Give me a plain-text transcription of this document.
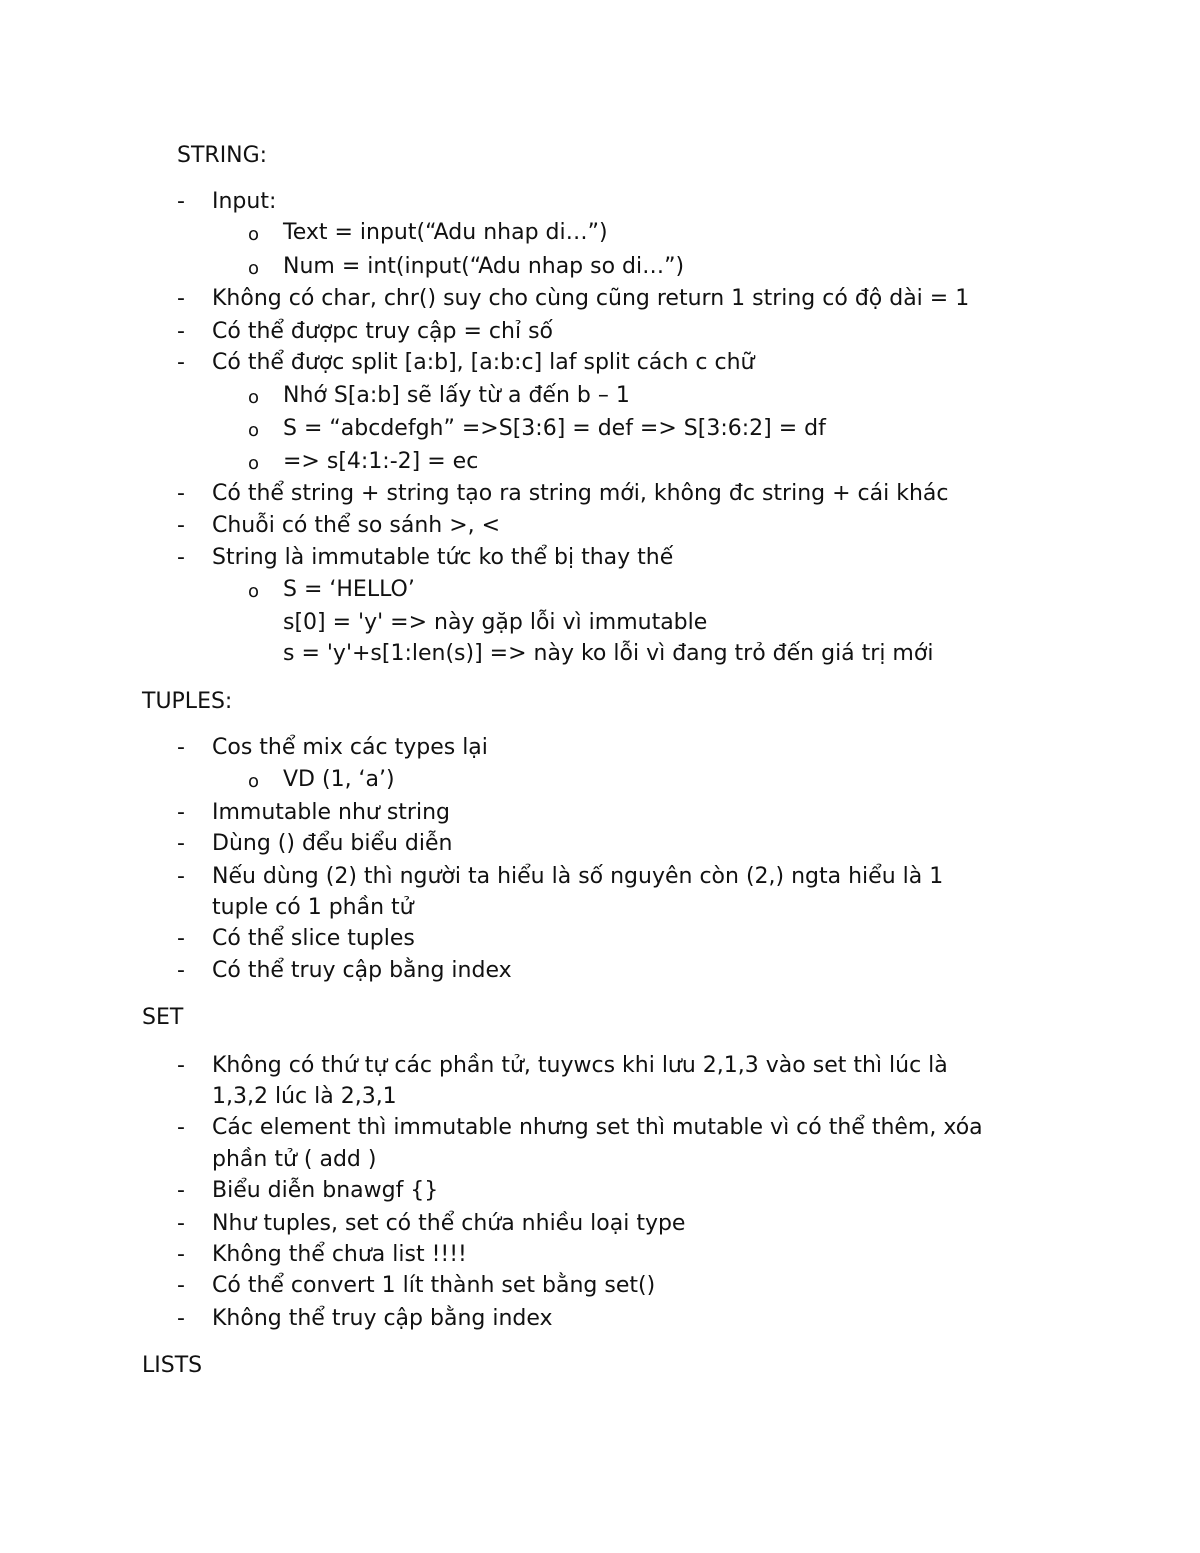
STRING:
- Input:
o Text = input(“Adu nhap di…”)
o Num = int(input(“Adu nhap so di…”)
- Không có char, chr() suy cho cùng cũng return 1 string có độ dài = 1
- Có thể đượpc truy cập = chỉ số
- Có thể được split [a:b], [a:b:c] laf split cách c chữ
o Nhớ S[a:b] sẽ lấy từ a đến b – 1
o S = “abcdefgh” =>S[3:6] = def => S[3:6:2] = df
o => s[4:1:-2] = ec
- Có thể string + string tạo ra string mới, không đc string + cái khác
- Chuỗi có thể so sánh >, <
- String là immutable tức ko thể bị thay thế
o S = ‘HELLO’
s[0] = 'y' => này gặp lỗi vì immutable
s = 'y'+s[1:len(s)] => này ko lỗi vì đang trỏ đến giá trị mới
TUPLES:
- Cos thể mix các types lại
o VD (1, ‘a’)
- Immutable như string
- Dùng () đểu biểu diễn
- Nếu dùng (2) thì người ta hiểu là số nguyên còn (2,) ngta hiểu là 1
tuple có 1 phần tử
- Có thể slice tuples
- Có thể truy cập bằng index
SET
- Không có thứ tự các phần tử, tuywcs khi lưu 2,1,3 vào set thì lúc là
1,3,2 lúc là 2,3,1
- Các element thì immutable nhưng set thì mutable vì có thể thêm, xóa
phần tử ( add )
- Biểu diễn bnawgf {}
- Như tuples, set có thể chứa nhiều loại type
- Không thể chưa list !!!!
- Có thể convert 1 lít thành set bằng set()
- Không thể truy cập bằng index
LISTS
